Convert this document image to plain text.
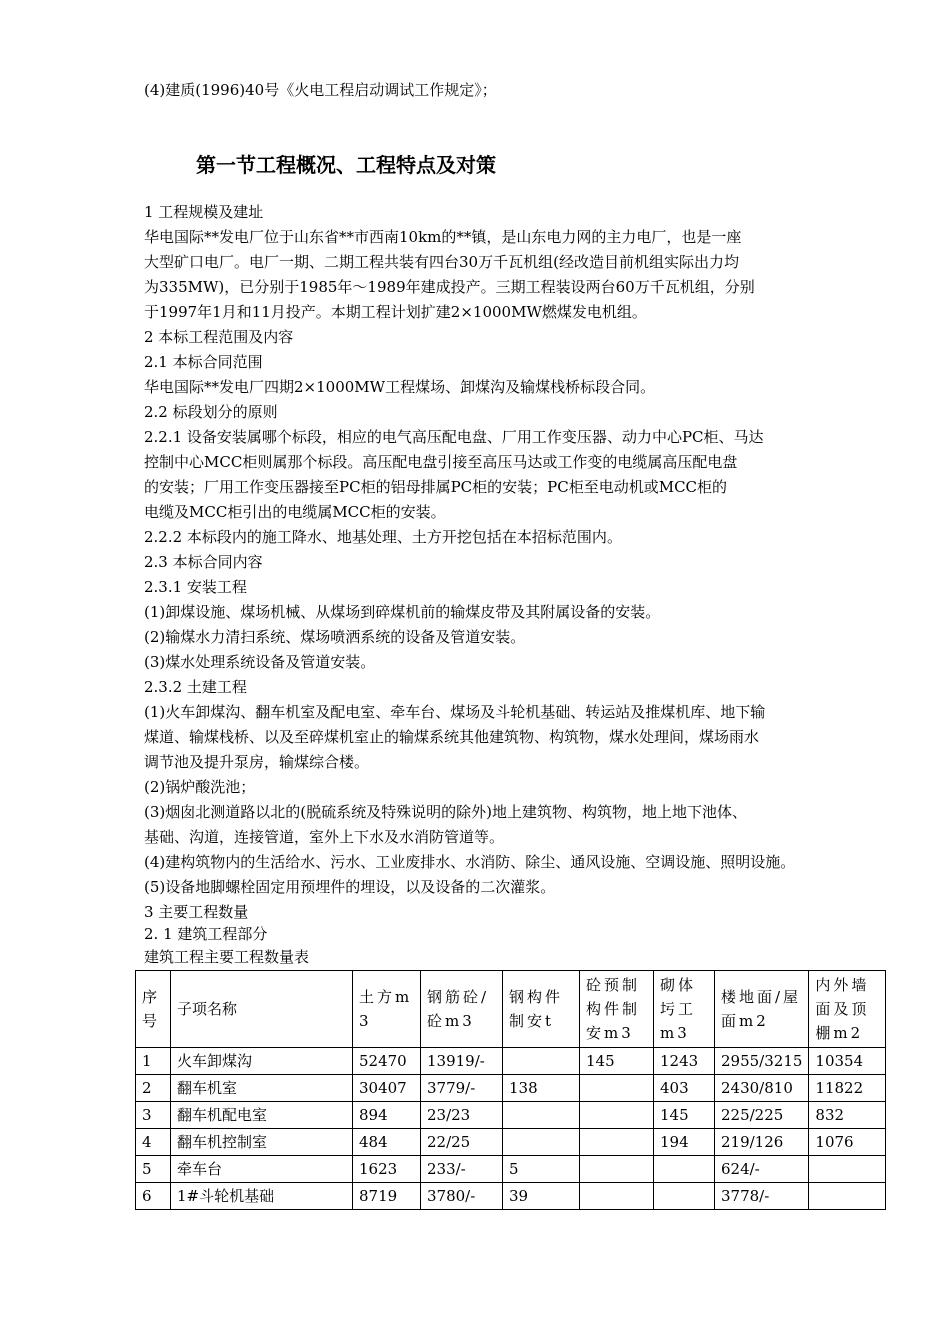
(4)建质(1996)40号《火电工程启动调试工作规定》；
第一节工程概况、工程特点及对策
1 工程规模及建址
华电国际**发电厂位于山东省**市西南10km的**镇，是山东电力网的主力电厂，也是一座
大型矿口电厂。电厂一期、二期工程共装有四台30万千瓦机组(经改造目前机组实际出力均
为335MW)，已分别于1985年～1989年建成投产。三期工程装设两台60万千瓦机组，分别
于1997年1月和11月投产。本期工程计划扩建2×1000MW燃煤发电机组。
2 本标工程范围及内容
2.1 本标合同范围
华电国际**发电厂四期2×1000MW工程煤场、卸煤沟及输煤栈桥标段合同。
2.2 标段划分的原则
2.2.1 设备安装属哪个标段，相应的电气高压配电盘、厂用工作变压器、动力中心PC柜、马达
控制中心MCC柜则属那个标段。高压配电盘引接至高压马达或工作变的电缆属高压配电盘
的安装；厂用工作变压器接至PC柜的铝母排属PC柜的安装；PC柜至电动机或MCC柜的
电缆及MCC柜引出的电缆属MCC柜的安装。
2.2.2 本标段内的施工降水、地基处理、土方开挖包括在本招标范围内。
2.3 本标合同内容
2.3.1 安装工程
(1)卸煤设施、煤场机械、从煤场到碎煤机前的输煤皮带及其附属设备的安装。
(2)输煤水力清扫系统、煤场喷洒系统的设备及管道安装。
(3)煤水处理系统设备及管道安装。
2.3.2 土建工程
(1)火车卸煤沟、翻车机室及配电室、牵车台、煤场及斗轮机基础、转运站及推煤机库、地下输
煤道、输煤栈桥、以及至碎煤机室止的输煤系统其他建筑物、构筑物，煤水处理间，煤场雨水
调节池及提升泵房，输煤综合楼。
(2)锅炉酸洗池；
(3)烟囱北测道路以北的(脱硫系统及特殊说明的除外)地上建筑物、构筑物，地上地下池体、
基础、沟道，连接管道，室外上下水及水消防管道等。
(4)建构筑物内的生活给水、污水、工业废排水、水消防、除尘、通风设施、空调设施、照明设施。
(5)设备地脚螺栓固定用预埋件的埋设，以及设备的二次灌浆。
3 主要工程数量
2. 1 建筑工程部分
建筑工程主要工程数量表
序号	子项名称	土方m3	钢筋砼/砼m3	钢构件制安t	砼预制构件制安m3	砌体圬工m3	楼地面/屋面m2	内外墙面及顶棚m2

1	火车卸煤沟	52470	13919/-		145	1243	2955/3215	10354
2	翻车机室	30407	3779/-	138		403	2430/810	11822
3	翻车机配电室	894	23/23			145	225/225	832
4	翻车机控制室	484	22/25			194	219/126	1076
5	牵车台	1623	233/-	5			624/-	
6	1#斗轮机基础	8719	3780/-	39			3778/-	
